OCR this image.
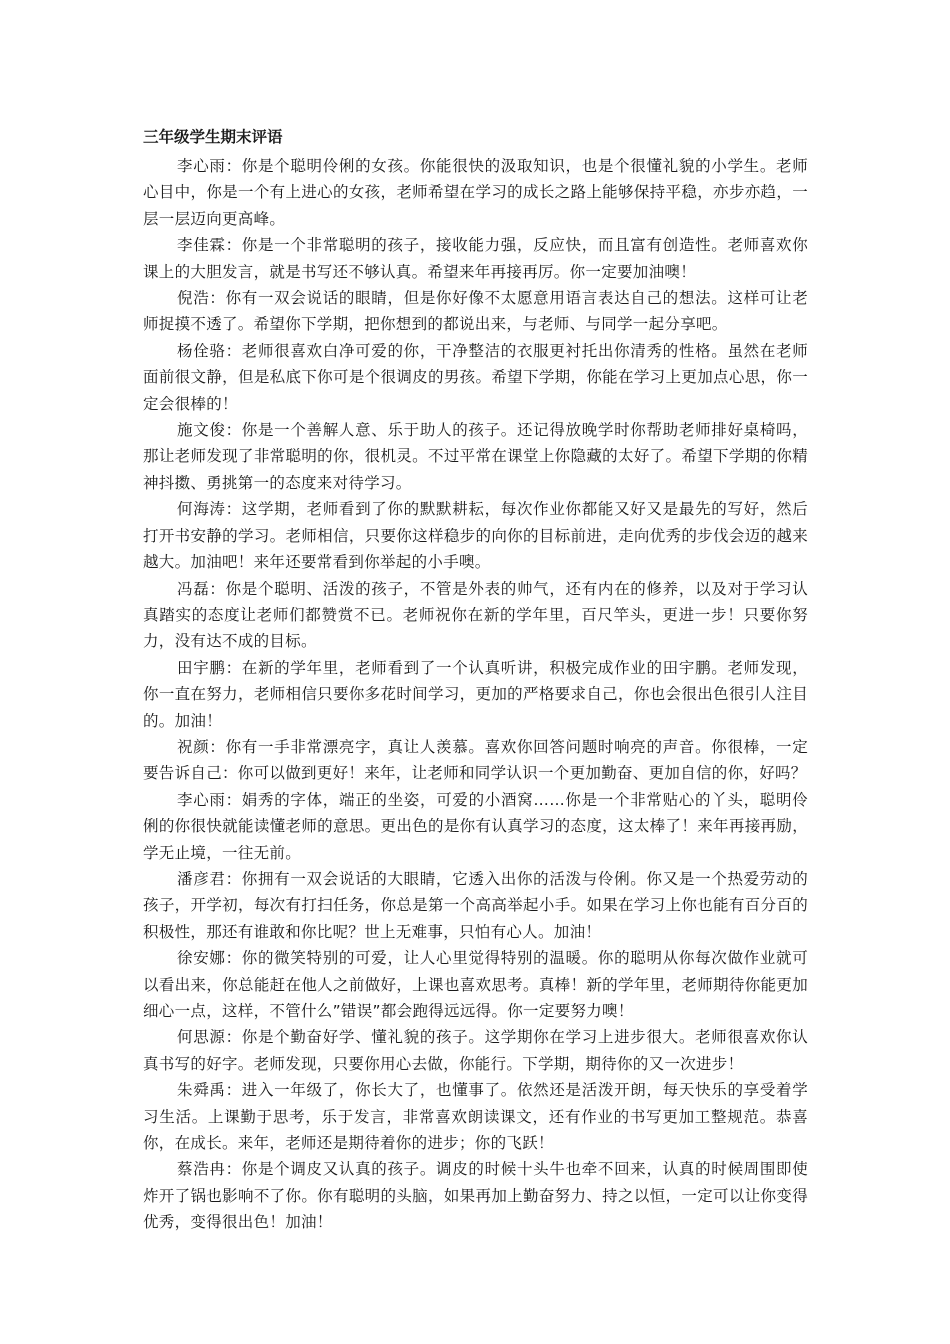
三年级学生期末评语

李心雨：你是个聪明伶俐的女孩。你能很快的汲取知识，也是个很懂礼貌的小学生。老师心目中，你是一个有上进心的女孩，老师希望在学习的成长之路上能够保持平稳，亦步亦趋，一层一层迈向更高峰。

李佳霖：你是一个非常聪明的孩子，接收能力强，反应快，而且富有创造性。老师喜欢你课上的大胆发言，就是书写还不够认真。希望来年再接再厉。你一定要加油噢！

倪浩：你有一双会说话的眼睛，但是你好像不太愿意用语言表达自己的想法。这样可让老师捉摸不透了。希望你下学期，把你想到的都说出来，与老师、与同学一起分享吧。

杨佺骆：老师很喜欢白净可爱的你，干净整洁的衣服更衬托出你清秀的性格。虽然在老师面前很文静，但是私底下你可是个很调皮的男孩。希望下学期，你能在学习上更加点心思，你一定会很棒的！

施文俊：你是一个善解人意、乐于助人的孩子。还记得放晚学时你帮助老师排好桌椅吗，那让老师发现了非常聪明的你，很机灵。不过平常在课堂上你隐藏的太好了。希望下学期的你精神抖擞、勇挑第一的态度来对待学习。

何海涛：这学期，老师看到了你的默默耕耘，每次作业你都能又好又是最先的写好，然后打开书安静的学习。老师相信，只要你这样稳步的向你的目标前进，走向优秀的步伐会迈的越来越大。加油吧！来年还要常看到你举起的小手噢。

冯磊：你是个聪明、活泼的孩子，不管是外表的帅气，还有内在的修养，以及对于学习认真踏实的态度让老师们都赞赏不已。老师祝你在新的学年里，百尺竿头，更进一步！只要你努力，没有达不成的目标。

田宇鹏：在新的学年里，老师看到了一个认真听讲，积极完成作业的田宇鹏。老师发现，你一直在努力，老师相信只要你多花时间学习，更加的严格要求自己，你也会很出色很引人注目的。加油！

祝颜：你有一手非常漂亮字，真让人羡慕。喜欢你回答问题时响亮的声音。你很棒，一定要告诉自己：你可以做到更好！来年，让老师和同学认识一个更加勤奋、更加自信的你，好吗？

李心雨：娟秀的字体，端正的坐姿，可爱的小酒窝……你是一个非常贴心的丫头，聪明伶俐的你很快就能读懂老师的意思。更出色的是你有认真学习的态度，这太棒了！来年再接再励，学无止境，一往无前。

潘彦君：你拥有一双会说话的大眼睛，它透入出你的活泼与伶俐。你又是一个热爱劳动的孩子，开学初，每次有打扫任务，你总是第一个高高举起小手。如果在学习上你也能有百分百的积极性，那还有谁敢和你比呢？世上无难事，只怕有心人。加油！

徐安娜：你的微笑特别的可爱，让人心里觉得特别的温暖。你的聪明从你每次做作业就可以看出来，你总能赶在他人之前做好，上课也喜欢思考。真棒！新的学年里，老师期待你能更加细心一点，这样，不管什么”错误”都会跑得远远得。你一定要努力噢！

何思源：你是个勤奋好学、懂礼貌的孩子。这学期你在学习上进步很大。老师很喜欢你认真书写的好字。老师发现，只要你用心去做，你能行。下学期，期待你的又一次进步！

朱舜禹：进入一年级了，你长大了，也懂事了。依然还是活泼开朗，每天快乐的享受着学习生活。上课勤于思考，乐于发言，非常喜欢朗读课文，还有作业的书写更加工整规范。恭喜你，在成长。来年，老师还是期待着你的进步；你的飞跃！

蔡浩冉：你是个调皮又认真的孩子。调皮的时候十头牛也牵不回来，认真的时候周围即使炸开了锅也影响不了你。你有聪明的头脑，如果再加上勤奋努力、持之以恒，一定可以让你变得优秀，变得很出色！加油！
